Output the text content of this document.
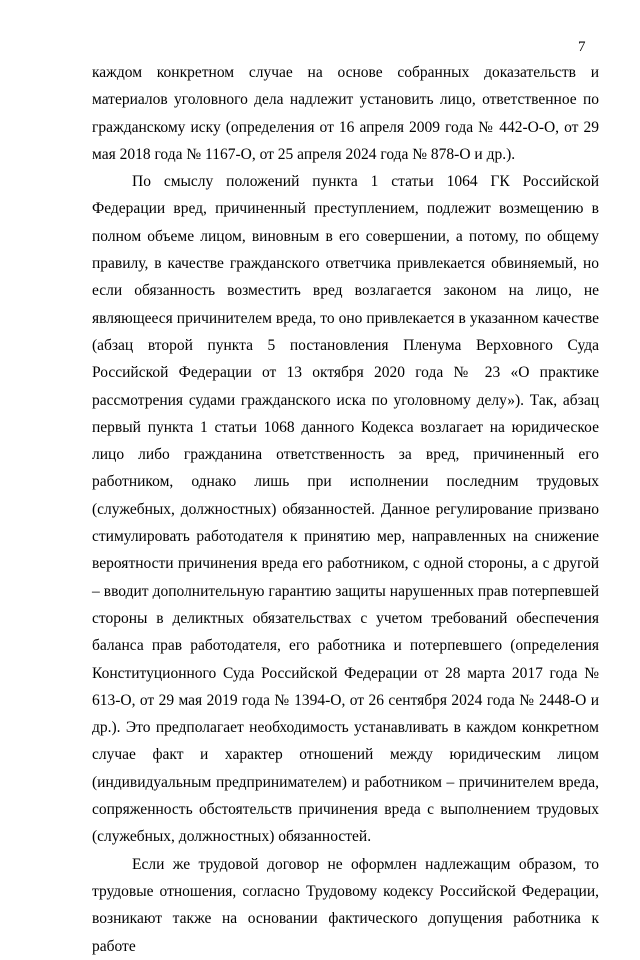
7

каждом конкретном случае на основе собранных доказательств и материалов уголовного дела надлежит установить лицо, ответственное по гражданскому иску (определения от 16 апреля 2009 года № 442-О-О, от 29 мая 2018 года № 1167-О, от 25 апреля 2024 года № 878-О и др.).

По смыслу положений пункта 1 статьи 1064 ГК Российской Федерации вред, причиненный преступлением, подлежит возмещению в полном объеме лицом, виновным в его совершении, а потому, по общему правилу, в качестве гражданского ответчика привлекается обвиняемый, но если обязанность возместить вред возлагается законом на лицо, не являющееся причинителем вреда, то оно привлекается в указанном качестве (абзац второй пункта 5 постановления Пленума Верховного Суда Российской Федерации от 13 октября 2020 года № 23 «О практике рассмотрения судами гражданского иска по уголовному делу»). Так, абзац первый пункта 1 статьи 1068 данного Кодекса возлагает на юридическое лицо либо гражданина ответственность за вред, причиненный его работником, однако лишь при исполнении последним трудовых (служебных, должностных) обязанностей. Данное регулирование призвано стимулировать работодателя к принятию мер, направленных на снижение вероятности причинения вреда его работником, с одной стороны, а с другой – вводит дополнительную гарантию защиты нарушенных прав потерпевшей стороны в деликтных обязательствах с учетом требований обеспечения баланса прав работодателя, его работника и потерпевшего (определения Конституционного Суда Российской Федерации от 28 марта 2017 года № 613-О, от 29 мая 2019 года № 1394-О, от 26 сентября 2024 года № 2448-О и др.). Это предполагает необходимость устанавливать в каждом конкретном случае факт и характер отношений между юридическим лицом (индивидуальным предпринимателем) и работником – причинителем вреда, сопряженность обстоятельств причинения вреда с выполнением трудовых (служебных, должностных) обязанностей.

Если же трудовой договор не оформлен надлежащим образом, то трудовые отношения, согласно Трудовому кодексу Российской Федерации, возникают также на основании фактического допущения работника к работе
